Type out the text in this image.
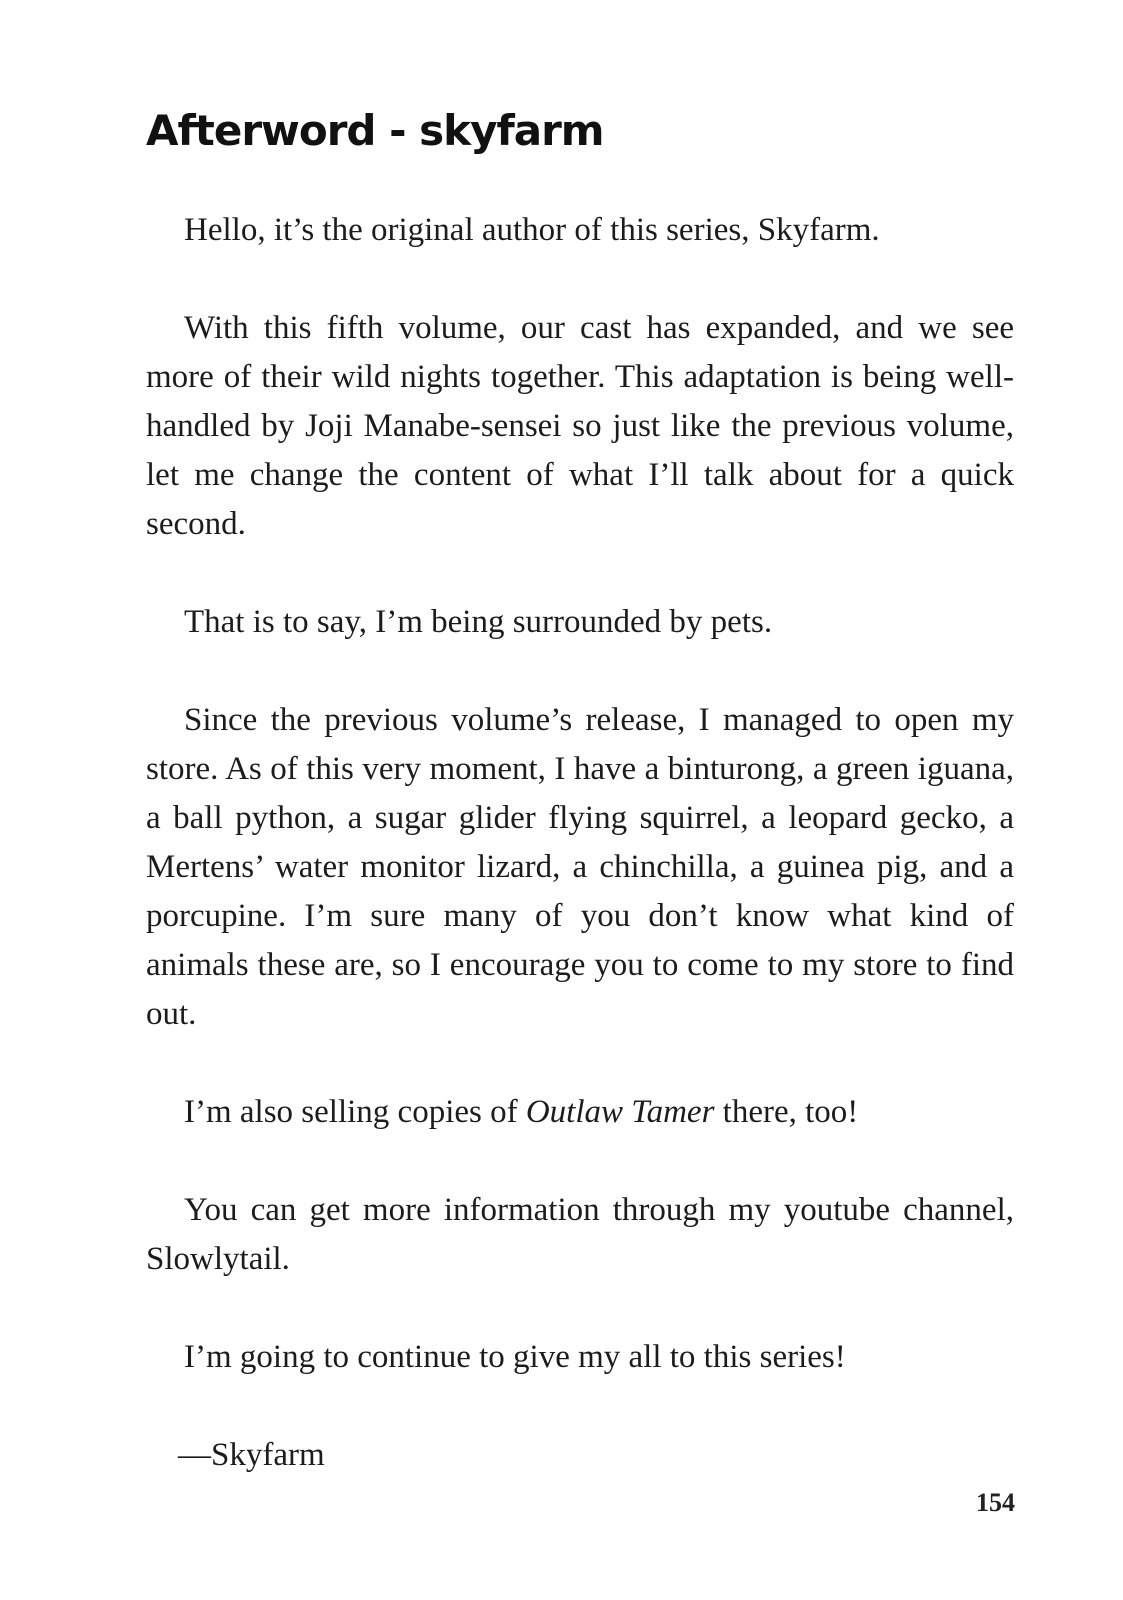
Afterword - skyfarm

Hello, it’s the original author of this series, Skyfarm.

With this fifth volume, our cast has expanded, and we see more of their wild nights together. This adaptation is being well-handled by Joji Manabe-sensei so just like the previous volume, let me change the content of what I’ll talk about for a quick second.

That is to say, I’m being surrounded by pets.

Since the previous volume’s release, I managed to open my store. As of this very moment, I have a binturong, a green iguana, a ball python, a sugar glider flying squirrel, a leopard gecko, a Mertens’ water monitor lizard, a chinchilla, a guinea pig, and a porcupine. I’m sure many of you don’t know what kind of animals these are, so I encourage you to come to my store to find out.

I’m also selling copies of Outlaw Tamer there, too!

You can get more information through my youtube channel, Slowlytail.

I’m going to continue to give my all to this series!

—Skyfarm

154
